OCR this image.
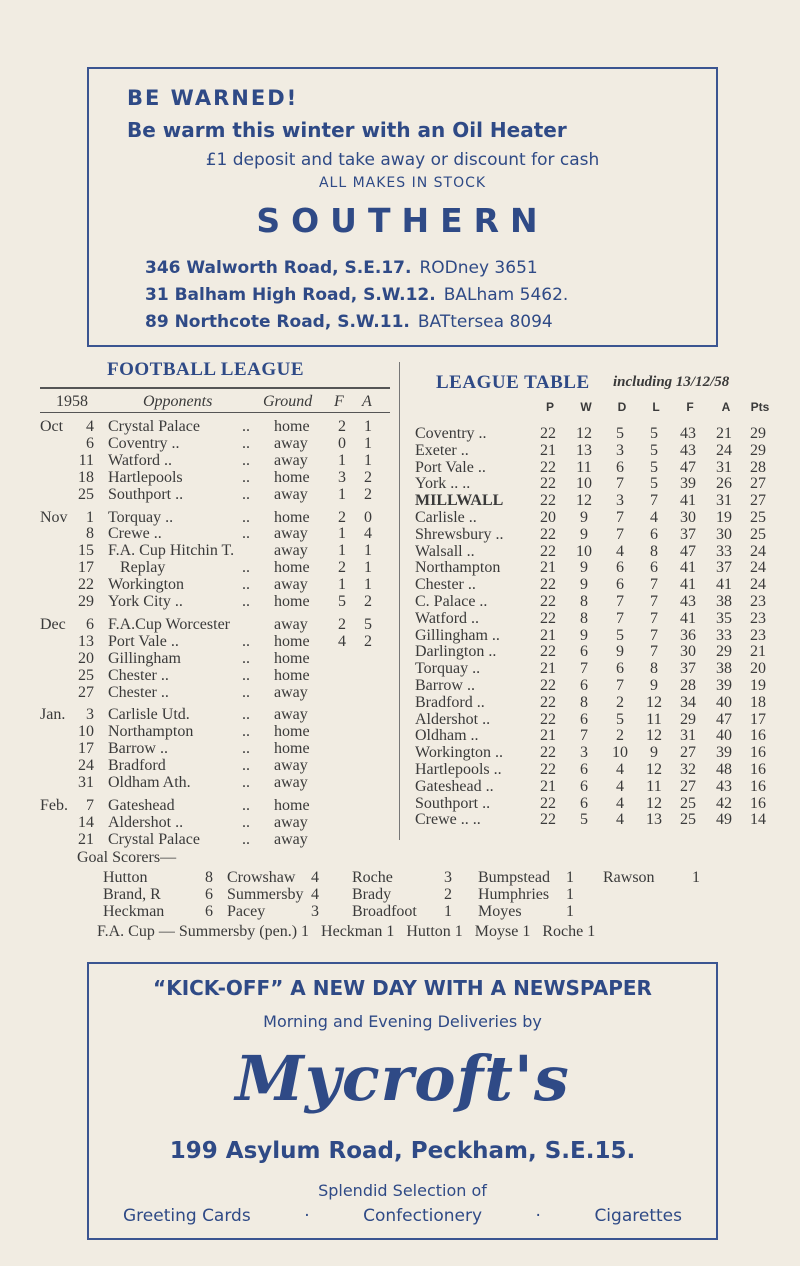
BE WARNED!
Be warm this winter with an Oil Heater
£1 deposit and take away or discount for cash
ALL MAKES IN STOCK
SOUTHERN
346 Walworth Road, S.E.17. RODney 3651
31 Balham High Road, S.W.12. BALham 5462.
89 Northcote Road, S.W.11. BATtersea 8094
FOOTBALL LEAGUE
1958	Opponents	Ground F A
Oct	4 Crystal Palace	.. home 2 1
6 Coventry ..	.. away 0 1
11 Watford ..	.. away 1 1
18 Hartlepools	.. home 3 2
25 Southport ..	.. away 1 2
Nov	1 Torquay ..	.. home 2 0
8 Crewe ..	.. away 1 4
15 F.A. Cup Hitchin T. away 1 1
17 Replay	.. home 2 1
22 Workington	.. away 1 1
29 York City ..	.. home 5 2
Dec	6 F.A.Cup Worcester	away 2 5
13 Port Vale ..	.. home 4 2
20 Gillingham	.. home
25 Chester ..	.. home
27 Chester ..	.. away
Jan.	3 Carlisle Utd.	.. away
10 Northampton	.. home
17 Barrow ..	.. home
24 Bradford	.. away
31 Oldham Ath.	.. away
Feb.	7 Gateshead	.. home
14 Aldershot ..	.. away
21 Crystal Palace	.. away
LEAGUE TABLE including 13/12/58
P	W	D	L	F	A	Pts
Coventry ..	22	12	5	5	43	21	29
Exeter ..	21	13	3	5	43	24	29
Port Vale ..	22	11	6	5	47	31	28
York .. ..	22	10	7	5	39	26	27
MILLWALL	22	12	3	7	41	31	27
Carlisle ..	20	9	7	4	30	19	25
Shrewsbury ..	22	9	7	6	37	30	25
Walsall ..	22	10	4	8	47	33	24
Northampton	21	9	6	6	41	37	24
Chester ..	22	9	6	7	41	41	24
C. Palace ..	22	8	7	7	43	38	23
Watford ..	22	8	7	7	41	35	23
Gillingham ..	21	9	5	7	36	33	23
Darlington ..	22	6	9	7	30	29	21
Torquay ..	21	7	6	8	37	38	20
Barrow ..	22	6	7	9	28	39	19
Bradford ..	22	8	2	12	34	40	18
Aldershot ..	22	6	5	11	29	47	17
Oldham ..	21	7	2	12	31	40	16
Workington ..	22	3	10	9	27	39	16
Hartlepools ..	22	6	4	12	32	48	16
Gateshead ..	21	6	4	11	27	43	16
Southport ..	22	6	4	12	25	42	16
Crewe .. ..	22	5	4	13	25	49	14
Goal Scorers—
Hutton	8 Crowshaw 4 Roche	3 Bumpstead 1 Rawson 1
Brand, R	6 Summersby 4 Brady	2 Humphries 1
Heckman	6 Pacey	3 Broadfoot 1 Moyes	1
F.A. Cup — Summersby (pen.) 1   Heckman 1   Hutton 1   Moyse 1   Roche 1
“KICK-OFF” A NEW DAY WITH A NEWSPAPER
Morning and Evening Deliveries by
Mycroft's
199 Asylum Road, Peckham, S.E.15.
Splendid Selection of
Greeting Cards	·	Confectionery	·	Cigarettes
